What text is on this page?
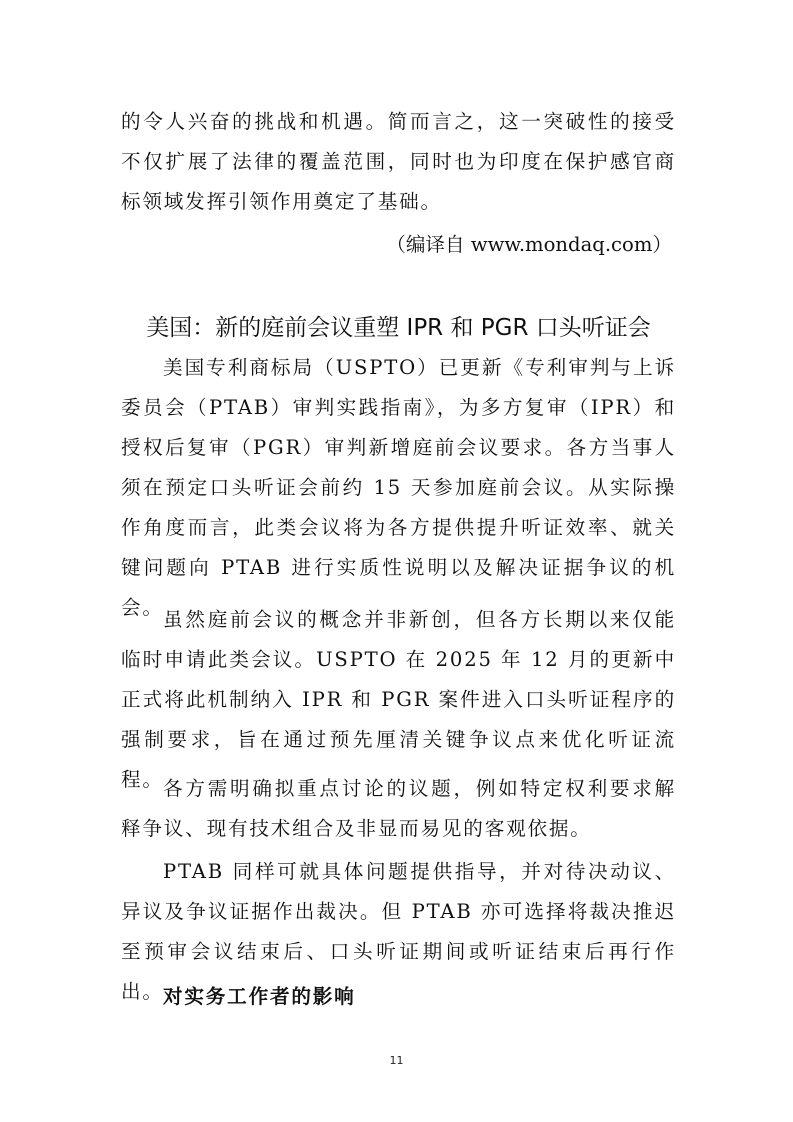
的令人兴奋的挑战和机遇。简而言之，这一突破性的接受不仅扩展了法律的覆盖范围，同时也为印度在保护感官商标领域发挥引领作用奠定了基础。

（编译自 www.mondaq.com）

美国：新的庭前会议重塑 IPR 和 PGR 口头听证会

美国专利商标局（USPTO）已更新《专利审判与上诉委员会（PTAB）审判实践指南》，为多方复审（IPR）和授权后复审（PGR）审判新增庭前会议要求。各方当事人须在预定口头听证会前约 15 天参加庭前会议。从实际操作角度而言，此类会议将为各方提供提升听证效率、就关键问题向 PTAB 进行实质性说明以及解决证据争议的机会。

虽然庭前会议的概念并非新创，但各方长期以来仅能临时申请此类会议。USPTO 在 2025 年 12 月的更新中正式将此机制纳入 IPR 和 PGR 案件进入口头听证程序的强制要求，旨在通过预先厘清关键争议点来优化听证流程。 各方需明确拟重点讨论的议题，例如特定权利要求解释争议、现有技术组合及非显而易见的客观依据。

PTAB 同样可就具体问题提供指导，并对待决动议、异议及争议证据作出裁决。但 PTAB 亦可选择将裁决推迟至预审会议结束后、口头听证期间或听证结束后再行作出。 对实务工作者的影响
11
